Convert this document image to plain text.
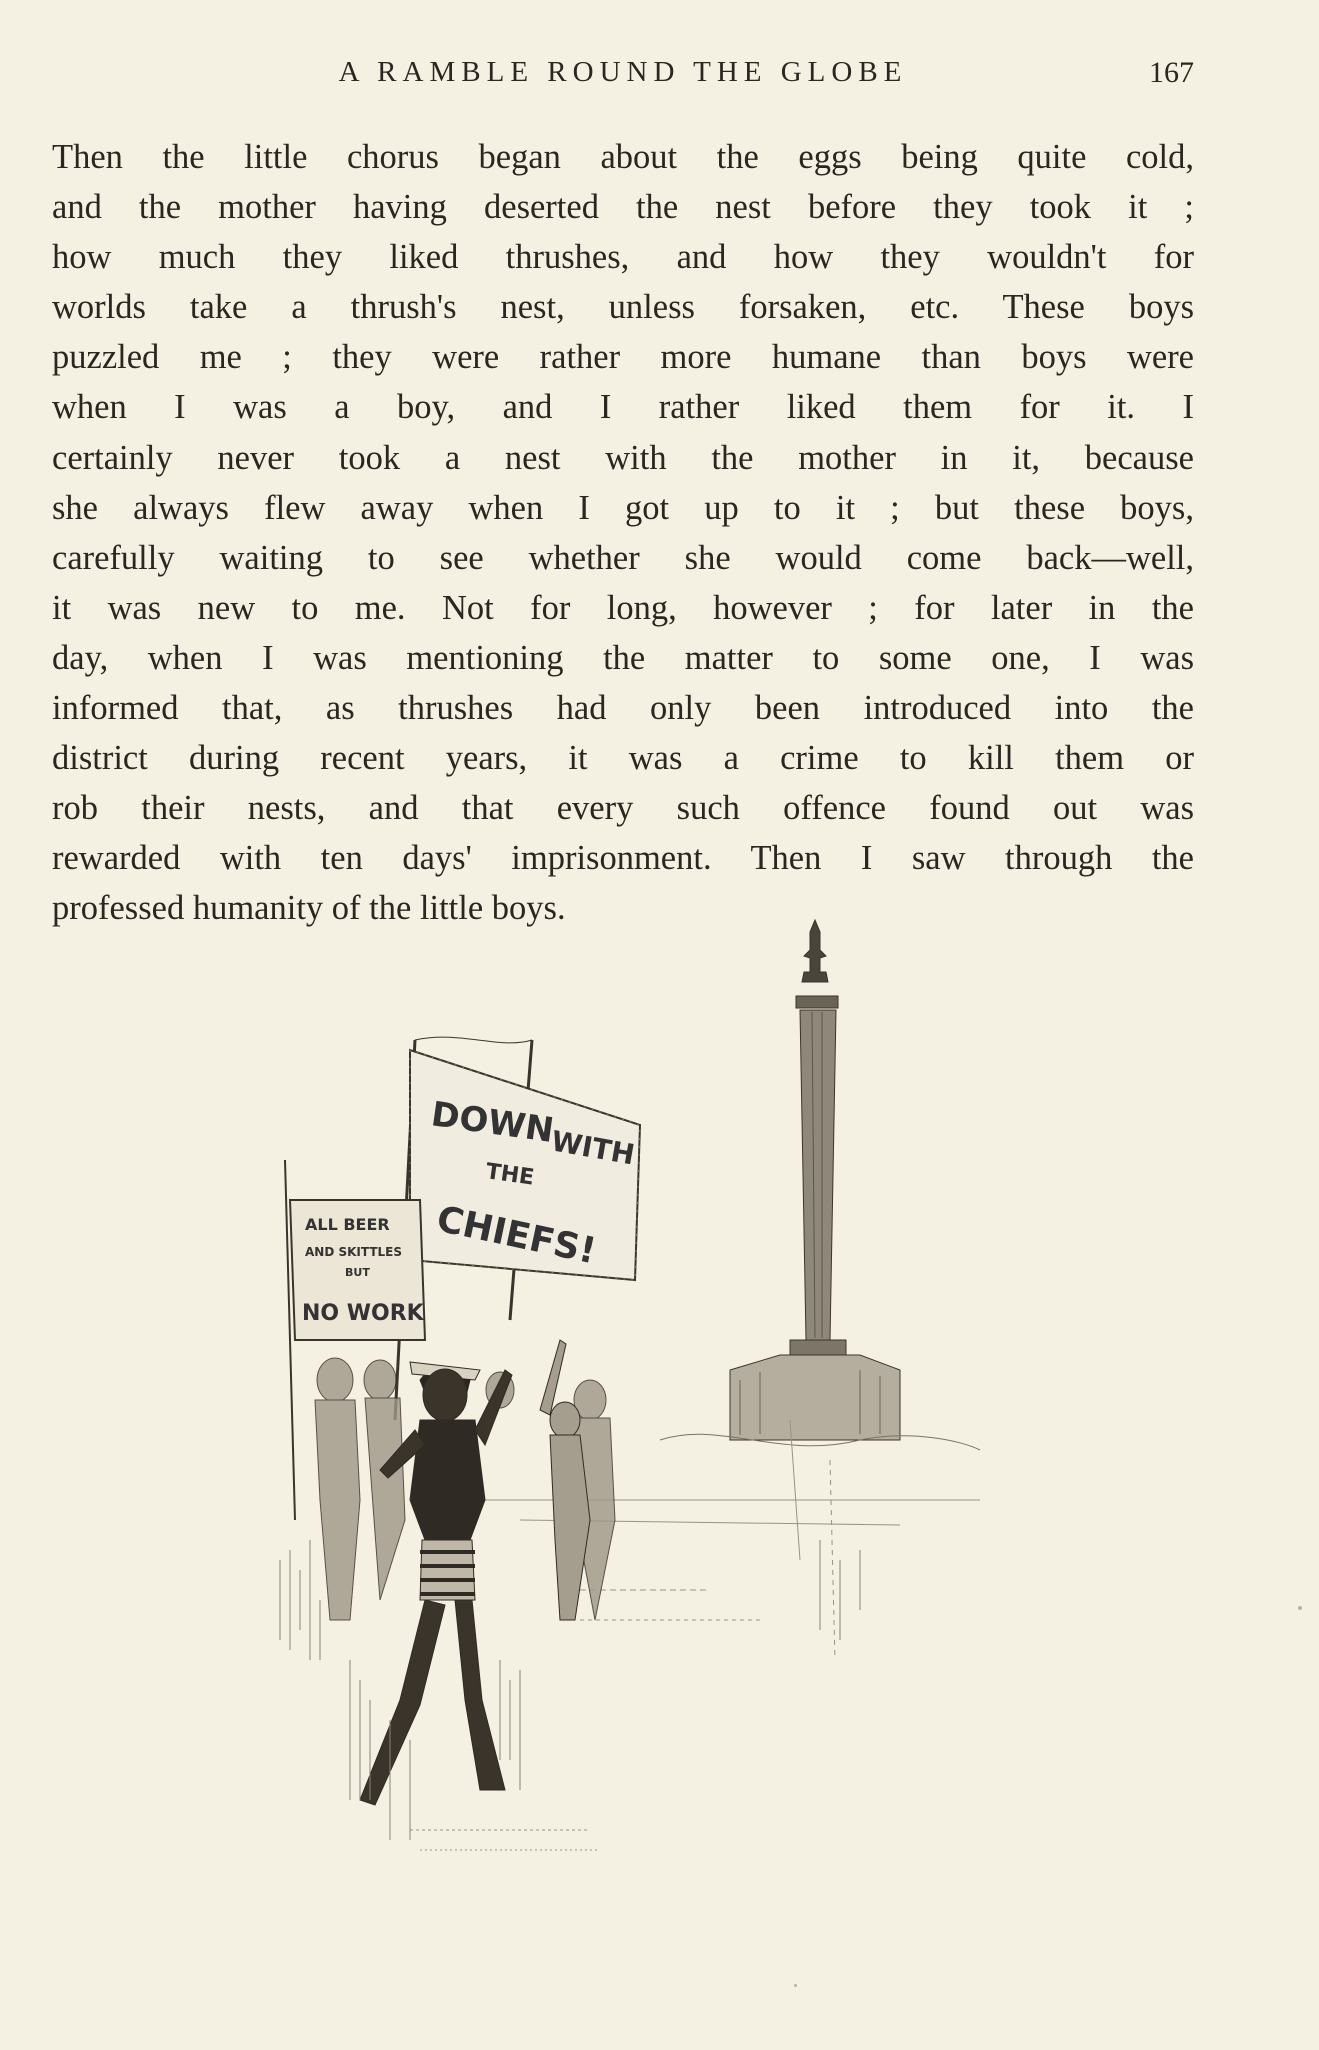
A RAMBLE ROUND THE GLOBE	167
Then the little chorus began about the eggs being quite cold,
and the mother having deserted the nest before they took it ;
how much they liked thrushes, and how they wouldn't for
worlds take a thrush's nest, unless forsaken, etc. These boys
puzzled me ; they were rather more humane than boys were
when I was a boy, and I rather liked them for it. I
certainly never took a nest with the mother in it, because
she always flew away when I got up to it ; but these boys,
carefully waiting to see whether she would come back—well,
it was new to me. Not for long, however ; for later in the
day, when I was mentioning the matter to some one, I was
informed that, as thrushes had only been introduced into the
district during recent years, it was a crime to kill them or
rob their nests, and that every such offence found out was
rewarded with ten days' imprisonment. Then I saw through the
professed humanity of the little boys.
DOWN
WITH
THE
CHIEFS!
ALL BEER
AND SKITTLES
BUT
NO WORK
